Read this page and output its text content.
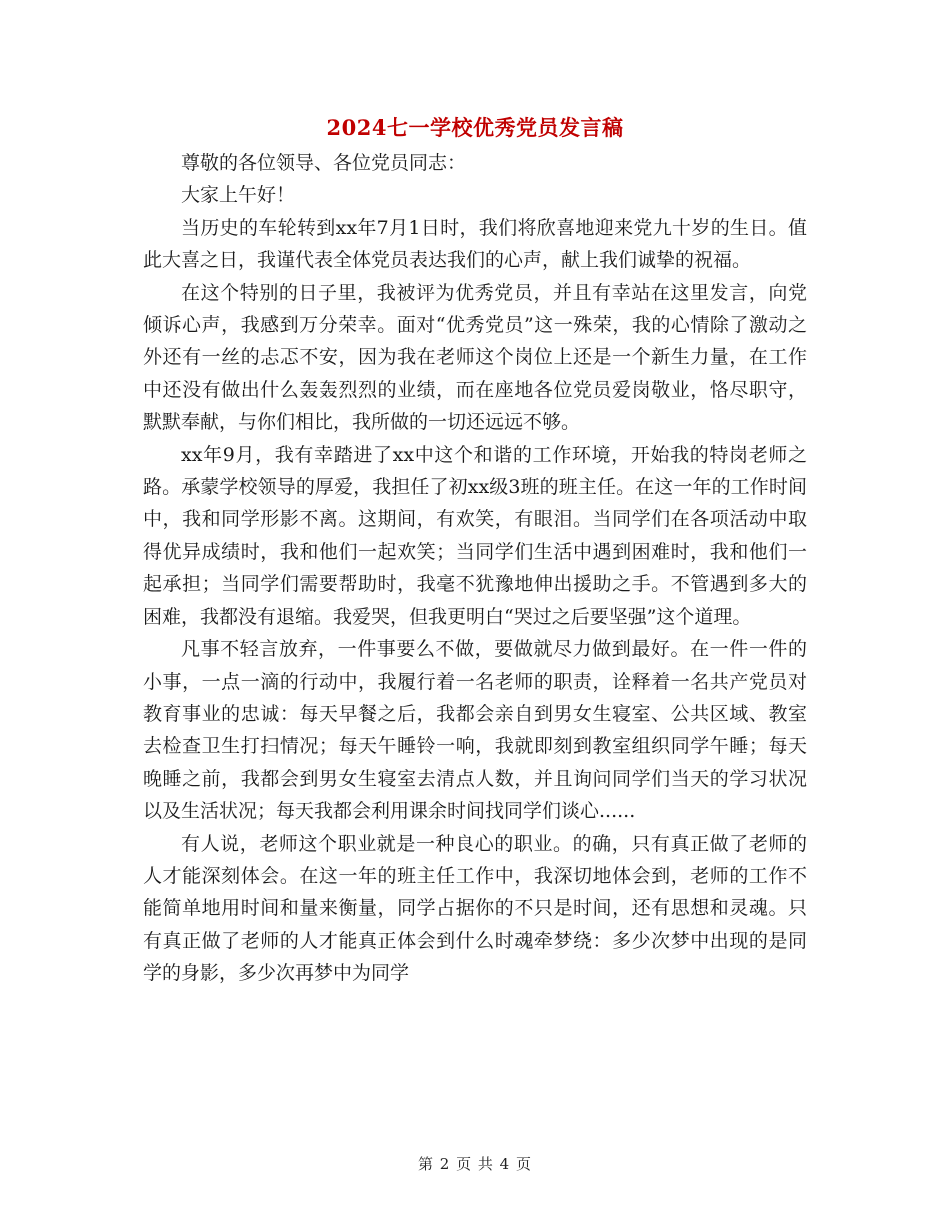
2024七一学校优秀党员发言稿

尊敬的各位领导、各位党员同志：

大家上午好！

当历史的车轮转到xx年7月1日时，我们将欣喜地迎来党九十岁的生日。值此大喜之日，我谨代表全体党员表达我们的心声，献上我们诚挚的祝福。

在这个特别的日子里，我被评为优秀党员，并且有幸站在这里发言，向党倾诉心声，我感到万分荣幸。面对“优秀党员”这一殊荣，我的心情除了激动之外还有一丝的忐忑不安，因为我在老师这个岗位上还是一个新生力量，在工作中还没有做出什么轰轰烈烈的业绩，而在座地各位党员爱岗敬业，恪尽职守，默默奉献，与你们相比，我所做的一切还远远不够。

xx年9月，我有幸踏进了xx中这个和谐的工作环境，开始我的特岗老师之路。承蒙学校领导的厚爱，我担任了初xx级3班的班主任。在这一年的工作时间中，我和同学形影不离。这期间，有欢笑，有眼泪。当同学们在各项活动中取得优异成绩时，我和他们一起欢笑；当同学们生活中遇到困难时，我和他们一起承担；当同学们需要帮助时，我毫不犹豫地伸出援助之手。不管遇到多大的困难，我都没有退缩。我爱哭，但我更明白“哭过之后要坚强”这个道理。

凡事不轻言放弃，一件事要么不做，要做就尽力做到最好。在一件一件的小事，一点一滴的行动中，我履行着一名老师的职责，诠释着一名共产党员对教育事业的忠诚：每天早餐之后，我都会亲自到男女生寝室、公共区域、教室去检查卫生打扫情况；每天午睡铃一响，我就即刻到教室组织同学午睡；每天晚睡之前，我都会到男女生寝室去清点人数，并且询问同学们当天的学习状况以及生活状况；每天我都会利用课余时间找同学们谈心......

有人说，老师这个职业就是一种良心的职业。的确，只有真正做了老师的人才能深刻体会。在这一年的班主任工作中，我深切地体会到，老师的工作不能简单地用时间和量来衡量，同学占据你的不只是时间，还有思想和灵魂。只有真正做了老师的人才能真正体会到什么时魂牵梦绕：多少次梦中出现的是同学的身影，多少次再梦中为同学

第 2 页 共 4 页
